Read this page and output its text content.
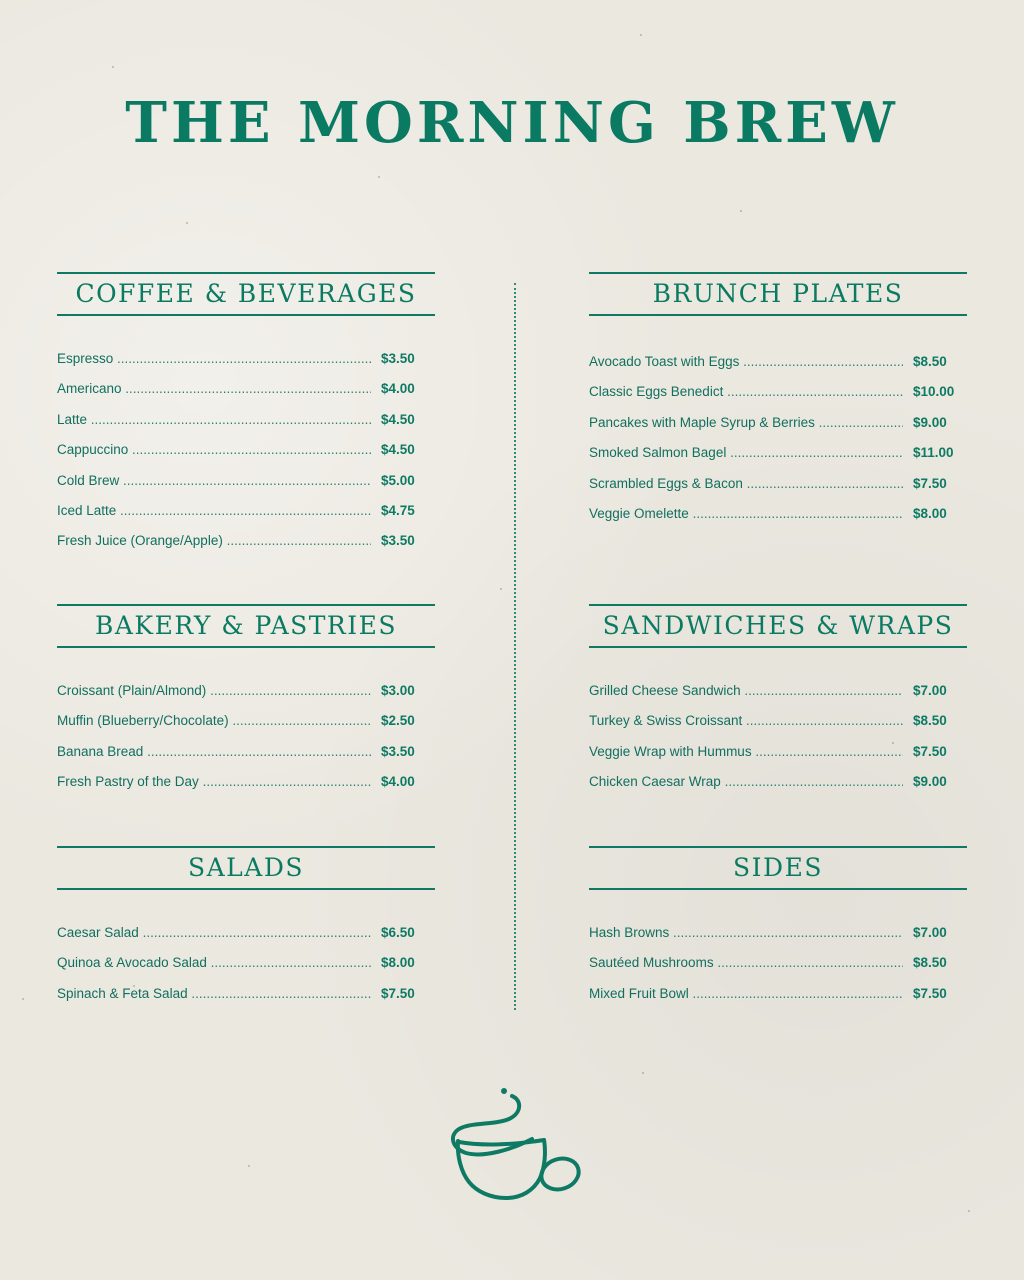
THE MORNING BREW
COFFEE & BEVERAGES
Espresso .....	$3.50
Americano .....	$4.00
Latte .....	$4.50
Cappuccino .....	$4.50
Cold Brew .....	$5.00
Iced Latte .....	$4.75
Fresh Juice (Orange/Apple) .....	$3.50
BAKERY & PASTRIES
Croissant (Plain/Almond) .....	$3.00
Muffin (Blueberry/Chocolate) .....	$2.50
Banana Bread .....	$3.50
Fresh Pastry of the Day .....	$4.00
SALADS
Caesar Salad .....	$6.50
Quinoa & Avocado Salad .....	$8.00
Spinach & Feta Salad .....	$7.50
BRUNCH PLATES
Avocado Toast with Eggs .....	$8.50
Classic Eggs Benedict .....	$10.00
Pancakes with Maple Syrup & Berries .....	$9.00
Smoked Salmon Bagel .....	$11.00
Scrambled Eggs & Bacon .....	$7.50
Veggie Omelette .....	$8.00
SANDWICHES & WRAPS
Grilled Cheese Sandwich .....	$7.00
Turkey & Swiss Croissant .....	$8.50
Veggie Wrap with Hummus .....	$7.50
Chicken Caesar Wrap .....	$9.00
SIDES
Hash Browns .....	$7.00
Sautéed Mushrooms .....	$8.50
Mixed Fruit Bowl .....	$7.50
